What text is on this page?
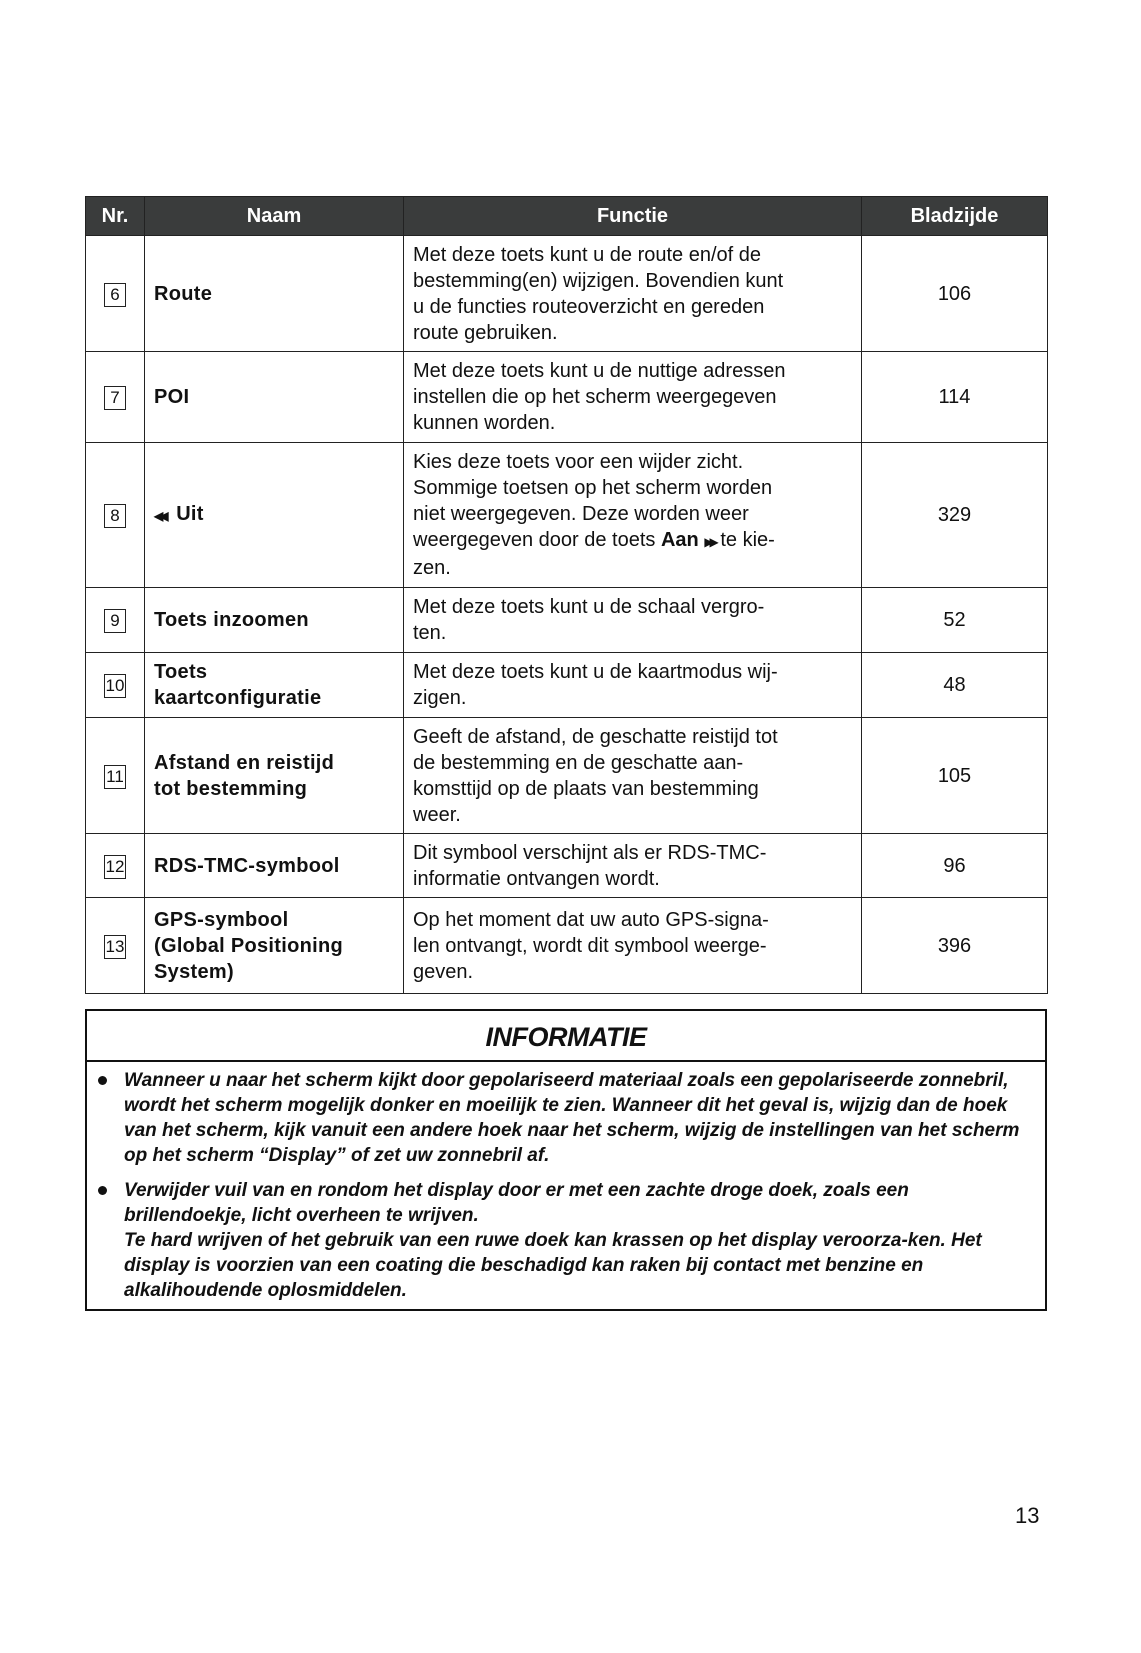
Nr.	Naam	Functie	Bladzijde
6	Route	Met deze toets kunt u de route en/of de
bestemming(en) wijzigen. Bovendien kunt
u de functies routeoverzicht en gereden
route gebruiken.	106
7	POI	Met deze toets kunt u de nuttige adressen
instellen die op het scherm weergegeven
kunnen worden.	114
8	◀◀ Uit	Kies deze toets voor een wijder zicht.
Sommige toetsen op het scherm worden
niet weergegeven. Deze worden weer
weergegeven door de toets Aan ▶▶ te kie-
zen.	329
9	Toets inzoomen	Met deze toets kunt u de schaal vergro-
ten.	52
10	Toets
kaartconfiguratie	Met deze toets kunt u de kaartmodus wij-
zigen.	48
11	Afstand en reistijd
tot bestemming	Geeft de afstand, de geschatte reistijd tot
de bestemming en de geschatte aan-
komsttijd op de plaats van bestemming
weer.	105
12	RDS-TMC-symbool	Dit symbool verschijnt als er RDS-TMC-
informatie ontvangen wordt.	96
13	GPS-symbool
(Global Positioning
System)	Op het moment dat uw auto GPS-signa-
len ontvangt, wordt dit symbool weerge-
geven.	396
INFORMATIE
Wanneer u naar het scherm kijkt door gepolariseerd materiaal zoals een gepolariseerde zonnebril, wordt het scherm mogelijk donker en moeilijk te zien. Wanneer dit het geval is, wijzig dan de hoek van het scherm, kijk vanuit een andere hoek naar het scherm, wijzig de instellingen van het scherm op het scherm “Display” of zet uw zonnebril af.
Verwijder vuil van en rondom het display door er met een zachte droge doek, zoals een brillendoekje, licht overheen te wrijven.
Te hard wrijven of het gebruik van een ruwe doek kan krassen op het display veroorza-ken. Het display is voorzien van een coating die beschadigd kan raken bij contact met benzine en alkalihoudende oplosmiddelen.
13
